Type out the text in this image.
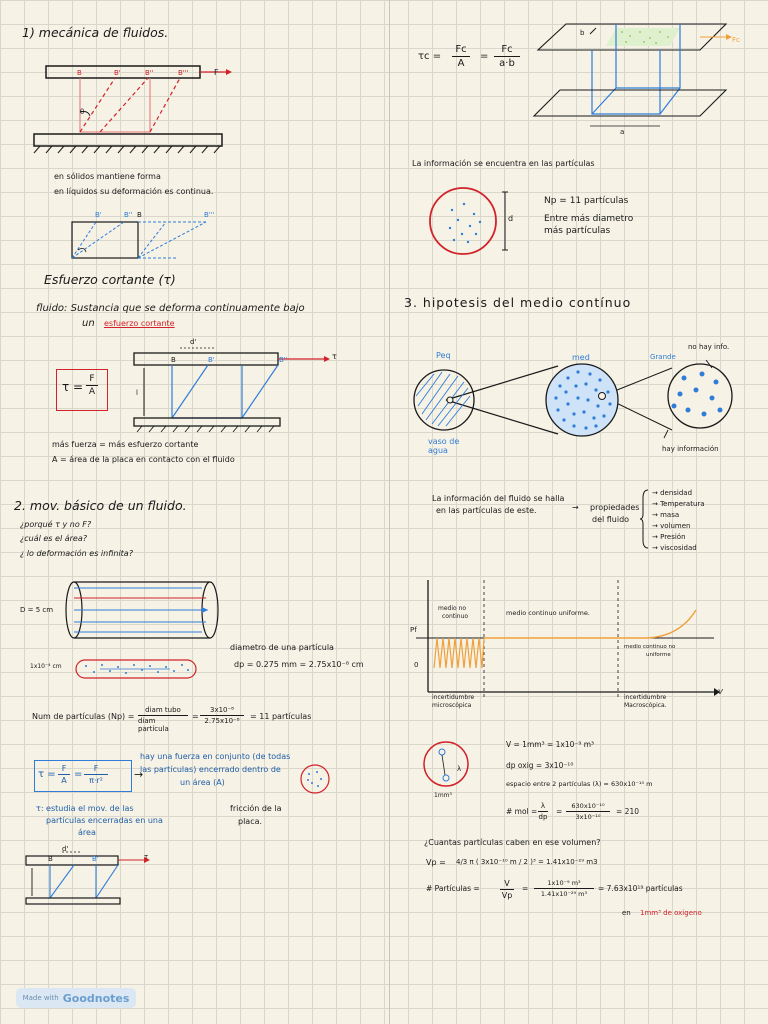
1) mecánica de fluidos.
B	B'	B''	B'''	F
θ
en sólidos mantiene forma
en líquidos su deformación es continua.
B'	B'' B	B'''
Esfuerzo cortante (τ)
fluido: Sustancia que se deforma continuamente bajo
un esfuerzo cortante
d'
B	B'	B''
l
τ
τ =
F
A
más fuerza = más esfuerzo cortante
A = área de la placa en contacto con el fluido
2. mov. básico de un fluido.
¿porqué τ y no F?
¿cuál es el área?
¿ lo deformación es infinita?
D = 5 cm
1x10⁻⁴ cm
diametro de una partícula
dp = 0.275 mm = 2.75x10⁻⁸ cm
Num de partículas (Np) =
diam tubo
diam partícula
=
3x10⁻⁸
2.75x10⁻⁸ = 11 partículas
τ =
F
A
=
F
π·r²	→
hay una fuerza en conjunto (de todas
las partículas) encerrado dentro de
un área (A)
fricción de la
placa.
τ: estudia el mov. de las
partículas encerradas en una
área
d'
B	B'	τ
τc =
Fc
A
=
Fc
a·b
b
a
Fc
La información se encuentra en las partículas
d
Np = 11 partículas
Entre más diametro
más partículas
3. hipotesis del medio contínuo
Peq	med	Grande
no hay info.
hay información
vaso de agua
La información del fluido se halla
en las partículas de este.	→ propiedades
del fluido
→ densidad
→ Temperatura
→ masa
→ volumen
→ Presión
→ viscosidad
Pf
0
V
medio no
continuo	medio continuo uniforme.
medio continuo no
uniforme
incertidumbre
microscópica
incertidumbre
Macroscópica.
λ
1mm³
V = 1mm³ = 1x10⁻⁹ m³
dp oxig = 3x10⁻¹⁰
espacio entre 2 partículas (λ) = 630x10⁻¹⁰ m
# mol =
λ
dp
=
630x10⁻¹⁰
3x10⁻¹⁰
= 210
¿Cuantas partículas caben en ese volumen?
Vp = 4/3 π ( 3x10⁻¹⁰ m / 2 )³ = 1.41x10⁻²⁹ m3
# Partículas =
V
Vp
=
1x10⁻⁹ m³
1.41x10⁻²⁹ m³
= 7.63x10¹⁹ partículas
en 1mm³ de oxigeno
Made with Goodnotes
